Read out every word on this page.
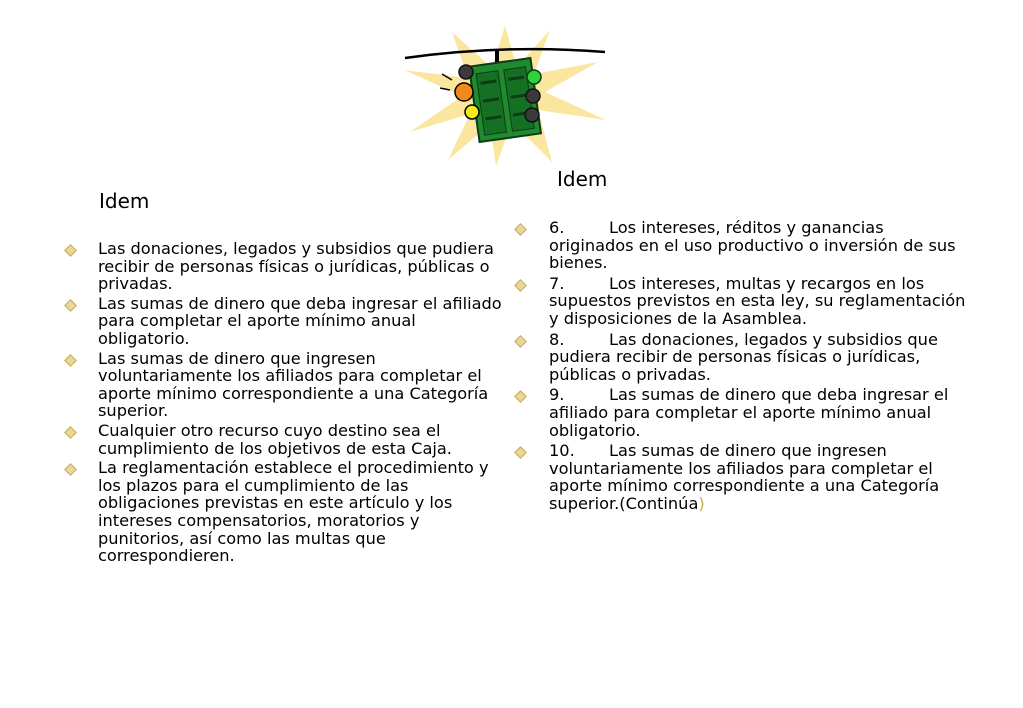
Idem
Idem
Las donaciones, legados y subsidios que pudiera recibir de personas físicas o jurídicas, públicas o privadas.
Las sumas de dinero que deba ingresar el afiliado para completar el aporte mínimo anual obligatorio.
Las sumas de dinero que ingresen voluntariamente los afiliados para completar el aporte mínimo correspondiente a una Categoría superior.
Cualquier otro recurso cuyo destino sea el cumplimiento de los objetivos de esta Caja.
La reglamentación establece el procedimiento y los plazos para el cumplimiento de las obligaciones previstas en este artículo y los intereses compensatorios, moratorios y punitorios, así como las multas que correspondieren.
6.	Los intereses, réditos y ganancias originados en el uso productivo o inversión de sus bienes.
7.	Los intereses, multas y recargos en los supuestos previstos en esta ley, su reglamentación y disposiciones de la Asamblea.
8.	Las donaciones, legados y subsidios que pudiera recibir de personas físicas o jurídicas, públicas o privadas.
9.	Las sumas de dinero que deba ingresar el afiliado para completar el aporte mínimo anual obligatorio.
10. Las sumas de dinero que ingresen voluntariamente los afiliados para completar el aporte mínimo correspondiente a una Categoría superior.(Continúa)
